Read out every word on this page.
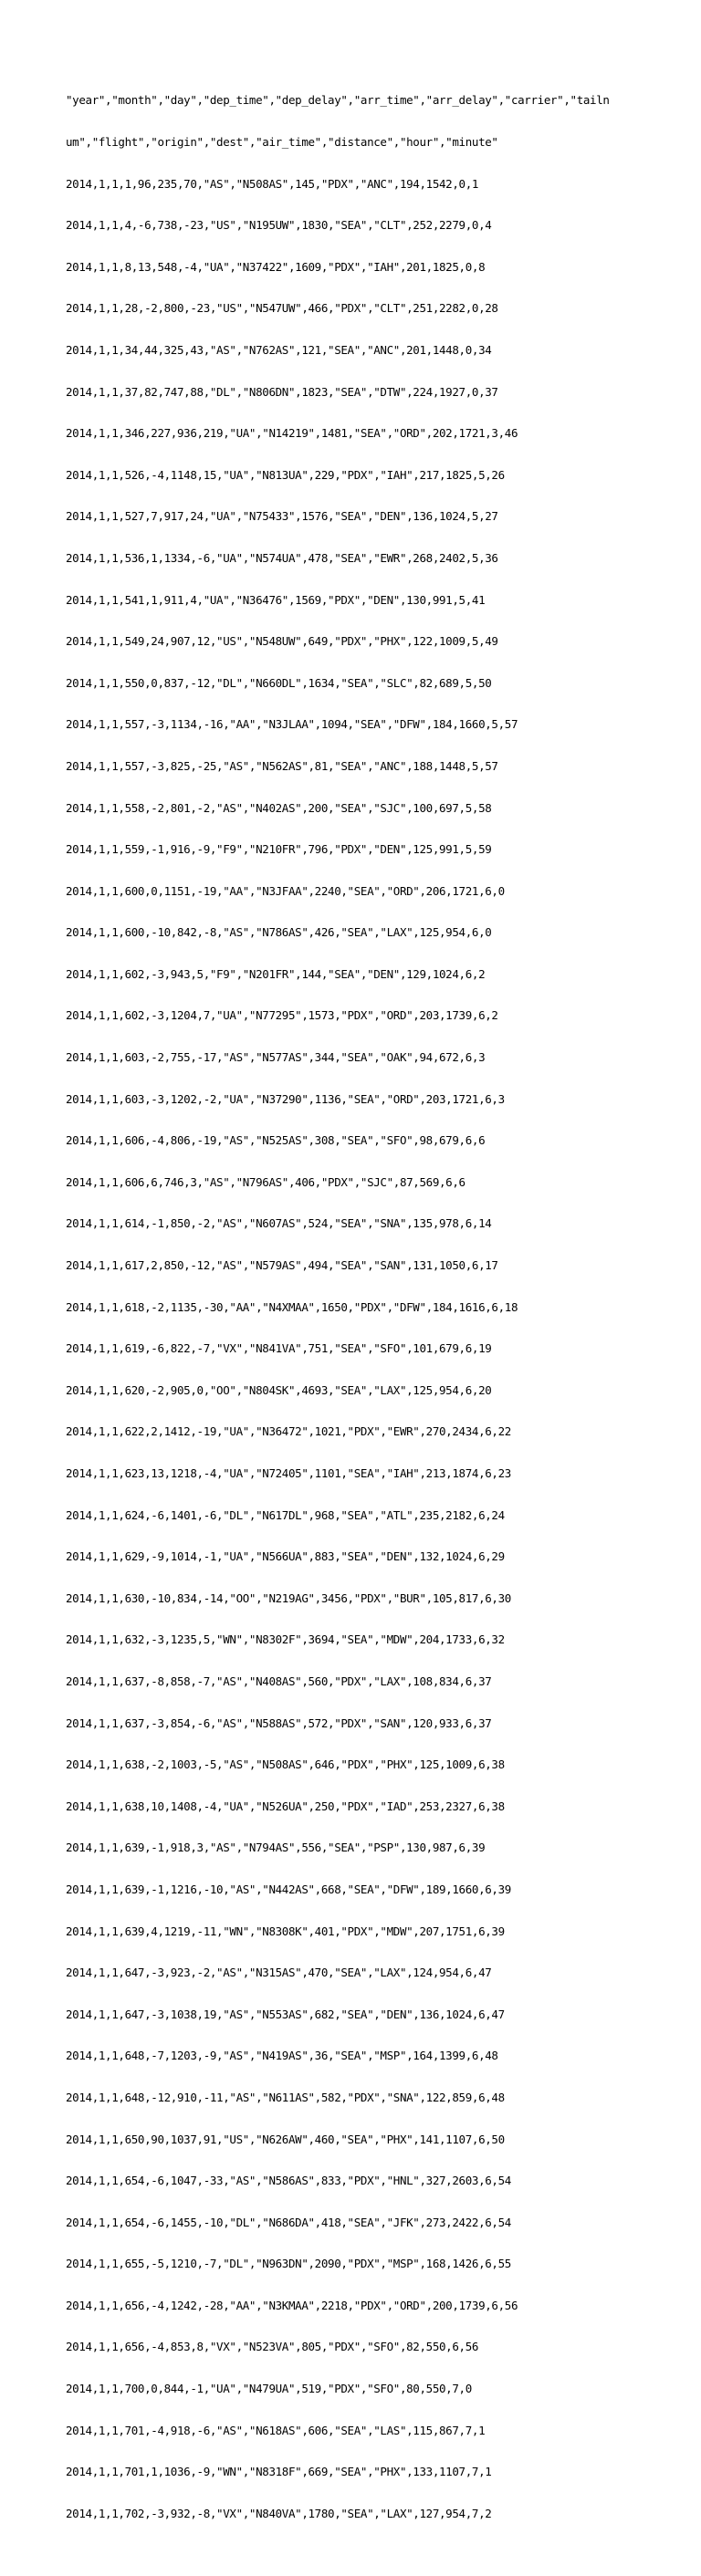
"year","month","day","dep_time","dep_delay","arr_time","arr_delay","carrier","tailn

um","flight","origin","dest","air_time","distance","hour","minute"

2014,1,1,1,96,235,70,"AS","N508AS",145,"PDX","ANC",194,1542,0,1

2014,1,1,4,-6,738,-23,"US","N195UW",1830,"SEA","CLT",252,2279,0,4

2014,1,1,8,13,548,-4,"UA","N37422",1609,"PDX","IAH",201,1825,0,8

2014,1,1,28,-2,800,-23,"US","N547UW",466,"PDX","CLT",251,2282,0,28

2014,1,1,34,44,325,43,"AS","N762AS",121,"SEA","ANC",201,1448,0,34

2014,1,1,37,82,747,88,"DL","N806DN",1823,"SEA","DTW",224,1927,0,37

2014,1,1,346,227,936,219,"UA","N14219",1481,"SEA","ORD",202,1721,3,46

2014,1,1,526,-4,1148,15,"UA","N813UA",229,"PDX","IAH",217,1825,5,26

2014,1,1,527,7,917,24,"UA","N75433",1576,"SEA","DEN",136,1024,5,27

2014,1,1,536,1,1334,-6,"UA","N574UA",478,"SEA","EWR",268,2402,5,36

2014,1,1,541,1,911,4,"UA","N36476",1569,"PDX","DEN",130,991,5,41

2014,1,1,549,24,907,12,"US","N548UW",649,"PDX","PHX",122,1009,5,49

2014,1,1,550,0,837,-12,"DL","N660DL",1634,"SEA","SLC",82,689,5,50

2014,1,1,557,-3,1134,-16,"AA","N3JLAA",1094,"SEA","DFW",184,1660,5,57

2014,1,1,557,-3,825,-25,"AS","N562AS",81,"SEA","ANC",188,1448,5,57

2014,1,1,558,-2,801,-2,"AS","N402AS",200,"SEA","SJC",100,697,5,58

2014,1,1,559,-1,916,-9,"F9","N210FR",796,"PDX","DEN",125,991,5,59

2014,1,1,600,0,1151,-19,"AA","N3JFAA",2240,"SEA","ORD",206,1721,6,0

2014,1,1,600,-10,842,-8,"AS","N786AS",426,"SEA","LAX",125,954,6,0

2014,1,1,602,-3,943,5,"F9","N201FR",144,"SEA","DEN",129,1024,6,2

2014,1,1,602,-3,1204,7,"UA","N77295",1573,"PDX","ORD",203,1739,6,2

2014,1,1,603,-2,755,-17,"AS","N577AS",344,"SEA","OAK",94,672,6,3

2014,1,1,603,-3,1202,-2,"UA","N37290",1136,"SEA","ORD",203,1721,6,3

2014,1,1,606,-4,806,-19,"AS","N525AS",308,"SEA","SFO",98,679,6,6

2014,1,1,606,6,746,3,"AS","N796AS",406,"PDX","SJC",87,569,6,6

2014,1,1,614,-1,850,-2,"AS","N607AS",524,"SEA","SNA",135,978,6,14

2014,1,1,617,2,850,-12,"AS","N579AS",494,"SEA","SAN",131,1050,6,17

2014,1,1,618,-2,1135,-30,"AA","N4XMAA",1650,"PDX","DFW",184,1616,6,18

2014,1,1,619,-6,822,-7,"VX","N841VA",751,"SEA","SFO",101,679,6,19

2014,1,1,620,-2,905,0,"OO","N804SK",4693,"SEA","LAX",125,954,6,20

2014,1,1,622,2,1412,-19,"UA","N36472",1021,"PDX","EWR",270,2434,6,22

2014,1,1,623,13,1218,-4,"UA","N72405",1101,"SEA","IAH",213,1874,6,23

2014,1,1,624,-6,1401,-6,"DL","N617DL",968,"SEA","ATL",235,2182,6,24

2014,1,1,629,-9,1014,-1,"UA","N566UA",883,"SEA","DEN",132,1024,6,29

2014,1,1,630,-10,834,-14,"OO","N219AG",3456,"PDX","BUR",105,817,6,30

2014,1,1,632,-3,1235,5,"WN","N8302F",3694,"SEA","MDW",204,1733,6,32

2014,1,1,637,-8,858,-7,"AS","N408AS",560,"PDX","LAX",108,834,6,37

2014,1,1,637,-3,854,-6,"AS","N588AS",572,"PDX","SAN",120,933,6,37

2014,1,1,638,-2,1003,-5,"AS","N508AS",646,"PDX","PHX",125,1009,6,38

2014,1,1,638,10,1408,-4,"UA","N526UA",250,"PDX","IAD",253,2327,6,38

2014,1,1,639,-1,918,3,"AS","N794AS",556,"SEA","PSP",130,987,6,39

2014,1,1,639,-1,1216,-10,"AS","N442AS",668,"SEA","DFW",189,1660,6,39

2014,1,1,639,4,1219,-11,"WN","N8308K",401,"PDX","MDW",207,1751,6,39

2014,1,1,647,-3,923,-2,"AS","N315AS",470,"SEA","LAX",124,954,6,47

2014,1,1,647,-3,1038,19,"AS","N553AS",682,"SEA","DEN",136,1024,6,47

2014,1,1,648,-7,1203,-9,"AS","N419AS",36,"SEA","MSP",164,1399,6,48

2014,1,1,648,-12,910,-11,"AS","N611AS",582,"PDX","SNA",122,859,6,48

2014,1,1,650,90,1037,91,"US","N626AW",460,"SEA","PHX",141,1107,6,50

2014,1,1,654,-6,1047,-33,"AS","N586AS",833,"PDX","HNL",327,2603,6,54

2014,1,1,654,-6,1455,-10,"DL","N686DA",418,"SEA","JFK",273,2422,6,54

2014,1,1,655,-5,1210,-7,"DL","N963DN",2090,"PDX","MSP",168,1426,6,55

2014,1,1,656,-4,1242,-28,"AA","N3KMAA",2218,"PDX","ORD",200,1739,6,56

2014,1,1,656,-4,853,8,"VX","N523VA",805,"PDX","SFO",82,550,6,56

2014,1,1,700,0,844,-1,"UA","N479UA",519,"PDX","SFO",80,550,7,0

2014,1,1,701,-4,918,-6,"AS","N618AS",606,"SEA","LAS",115,867,7,1

2014,1,1,701,1,1036,-9,"WN","N8318F",669,"SEA","PHX",133,1107,7,1

2014,1,1,702,-3,932,-8,"VX","N840VA",1780,"SEA","LAX",127,954,7,2
